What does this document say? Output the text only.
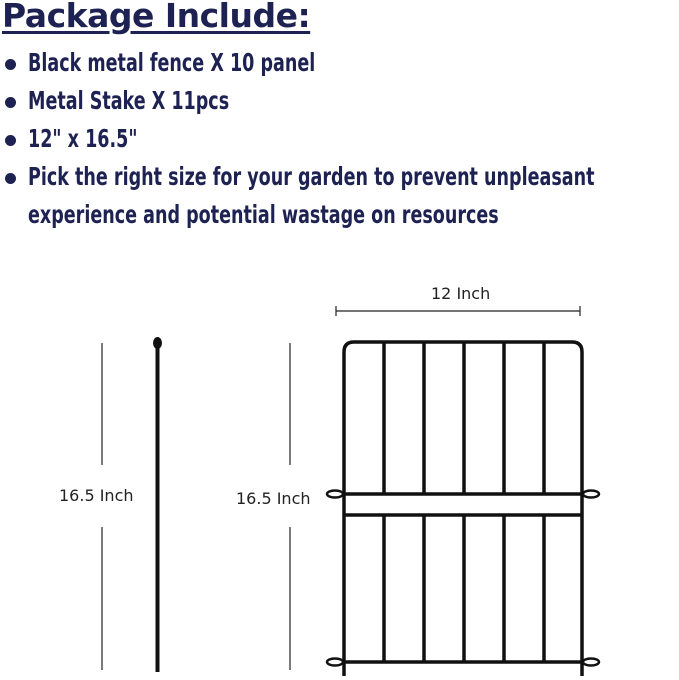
Package Include:
Black metal fence X 10 panel
Metal Stake X 11pcs
12" x 16.5"
Pick the right size for your garden to prevent unpleasant
experience and potential wastage on resources
12 Inch
16.5 Inch	16.5 Inch
